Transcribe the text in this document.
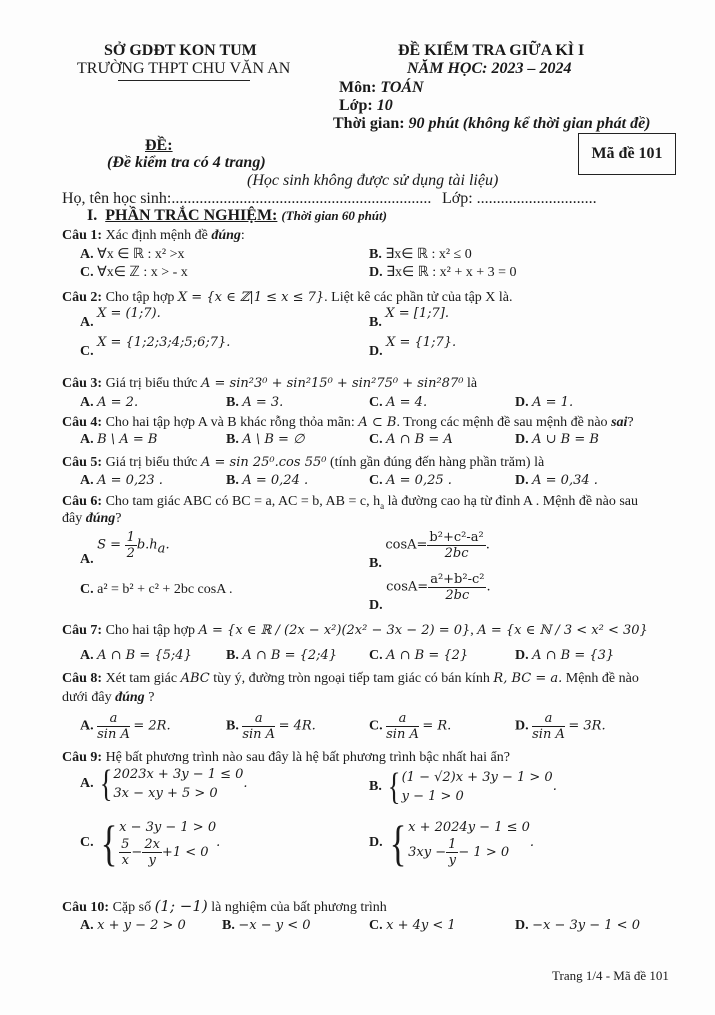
SỞ GDĐT KON TUM
TRƯỜNG THPT CHU VĂN AN
ĐỀ KIỂM TRA GIỮA KÌ I
NĂM HỌC: 2023 – 2024
Môn: TOÁN
Lớp: 10
Thời gian: 90 phút (không kể thời gian phát đề)
ĐỀ:
(Đề kiểm tra có 4 trang)
Mã đề 101
(Học sinh không được sử dụng tài liệu)
Họ, tên học sinh:................................................................. Lớp: ..............................
I. PHẦN TRẮC NGHIỆM: (Thời gian 60 phút)
Câu 1: Xác định mệnh đề đúng:
A. ∀x ∈ ℝ : x² >x	B. ∃x∈ ℝ : x² ≤ 0
C. ∀x∈ ℤ : x > - x	D. ∃x∈ ℝ : x² + x + 3 = 0
Câu 2: Cho tập hợp X = {x ∈ ℤ|1 ≤ x ≤ 7}. Liệt kê các phần tử của tập X là.
A. X = (1;7).
B. X = [1;7].
C. X = {1;2;3;4;5;6;7}.
D. X = {1;7}.
Câu 3: Giá trị biểu thức A = sin²3⁰ + sin²15⁰ + sin²75⁰ + sin²87⁰ là
A. A = 2.	B. A = 3.	C. A = 4.	D. A = 1.
Câu 4: Cho hai tập hợp A và B khác rỗng thỏa mãn: A ⊂ B. Trong các mệnh đề sau mệnh đề nào sai?
A. B \ A = B	B. A \ B = ∅	C. A ∩ B = A	D. A ∪ B = B
Câu 5: Giá trị biểu thức A = sin 25⁰.cos 55⁰ (tính gần đúng đến hàng phần trăm) là
A. A = 0,23 .	B. A = 0,24 .	C. A = 0,25 .	D. A = 0,34 .
Câu 6: Cho tam giác ABC có BC = a, AC = b, AB = c, $h_a$ là đường cao hạ từ đỉnh A . Mệnh đề nào sau
đây đúng?
A. $S = \frac{1}{2} b.h_a$.
B. $\cos A= \frac{\text{b²+c²-a²}}{2bc}$ .
C. a² = b² + c² + 2bc cosA .
D. $\cos A= \frac{\text{a²+b²-c²}}{2bc}$ .
Câu 7: Cho hai tập hợp A = {x ∈ ℝ / (2x − x²)(2x² − 3x − 2) = 0}, A = {x ∈ ℕ / 3 < x² < 30}
A. A ∩ B = {5;4} B. A ∩ B = {2;4} C. A ∩ B = {2}	D. A ∩ B = {3}
Câu 8: Xét tam giác ABC tùy ý, đường tròn ngoại tiếp tam giác có bán kính R, BC = a. Mệnh đề nào
dưới đây đúng ?
A. $\frac{a}{\text{sin A}} = 2R$.	B. $\frac{a}{\text{sin A}} = 4R$.	C. $\frac{a}{\text{sin A}} = R$.	D. $\frac{a}{\text{sin A}} = 3R$.
Câu 9: Hệ bất phương trình nào sau đây là hệ bất phương trình bậc nhất hai ẩn?
A. { 2023x + 3y − 1 ≤ 0
3x − xy + 5 > 0
.	B. { (1 − √2)x + 3y − 1 > 0
y − 1 > 0
.
C. { x − 3y − 1 > 0
$\frac{5}{x} - \frac{2x}{y} +1 < 0$
.	D. { x + 2024y − 1 ≤ 0
$3xy - \frac{1}{y} - 1 > 0$
.
Câu 10: Cặp số (1; −1) là nghiệm của bất phương trình
A. x + y − 2 > 0	B. −x − y < 0	C. x + 4y < 1	D. −x − 3y − 1 < 0
Trang 1/4 - Mã đề 101
